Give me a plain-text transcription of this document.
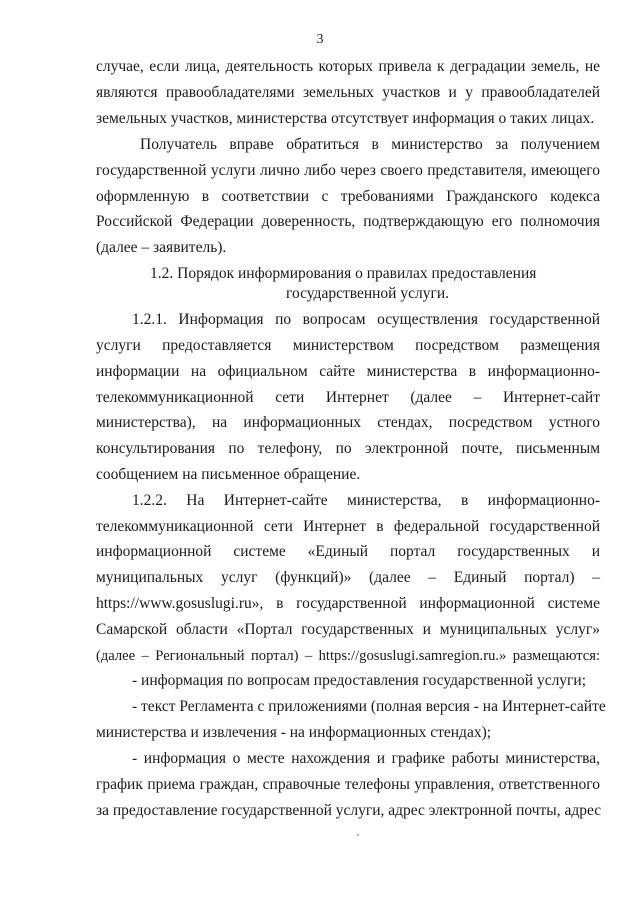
3
случае, если лица, деятельность которых привела к деградации земель, не
являются правообладателями земельных участков и у правообладателей
земельных участков, министерства отсутствует информация о таких лицах.
Получатель вправе обратиться в министерство за получением
государственной услуги лично либо через своего представителя, имеющего
оформленную в соответствии с требованиями Гражданского кодекса
Российской Федерации доверенность, подтверждающую его полномочия
(далее – заявитель).
1.2. Порядок информирования о правилах предоставления
государственной услуги.
1.2.1. Информация по вопросам осуществления государственной
услуги предоставляется министерством посредством размещения
информации на официальном сайте министерства в информационно-
телекоммуникационной сети Интернет (далее – Интернет-сайт
министерства), на информационных стендах, посредством устного
консультирования по телефону, по электронной почте, письменным
сообщением на письменное обращение.
1.2.2. На Интернет-сайте министерства, в информационно-
телекоммуникационной сети Интернет в федеральной государственной
информационной системе «Единый портал государственных и
муниципальных услуг (функций)» (далее – Единый портал) –
https://www.gosuslugi.ru», в государственной информационной системе
Самарской области «Портал государственных и муниципальных услуг»
(далее – Региональный портал) – https://gosuslugi.samregion.ru.» размещаются:
- информация по вопросам предоставления государственной услуги;
- текст Регламента с приложениями (полная версия - на Интернет-сайте
министерства и извлечения - на информационных стендах);
- информация о месте нахождения и графике работы министерства,
график приема граждан, справочные телефоны управления, ответственного
за предоставление государственной услуги, адрес электронной почты, адрес
